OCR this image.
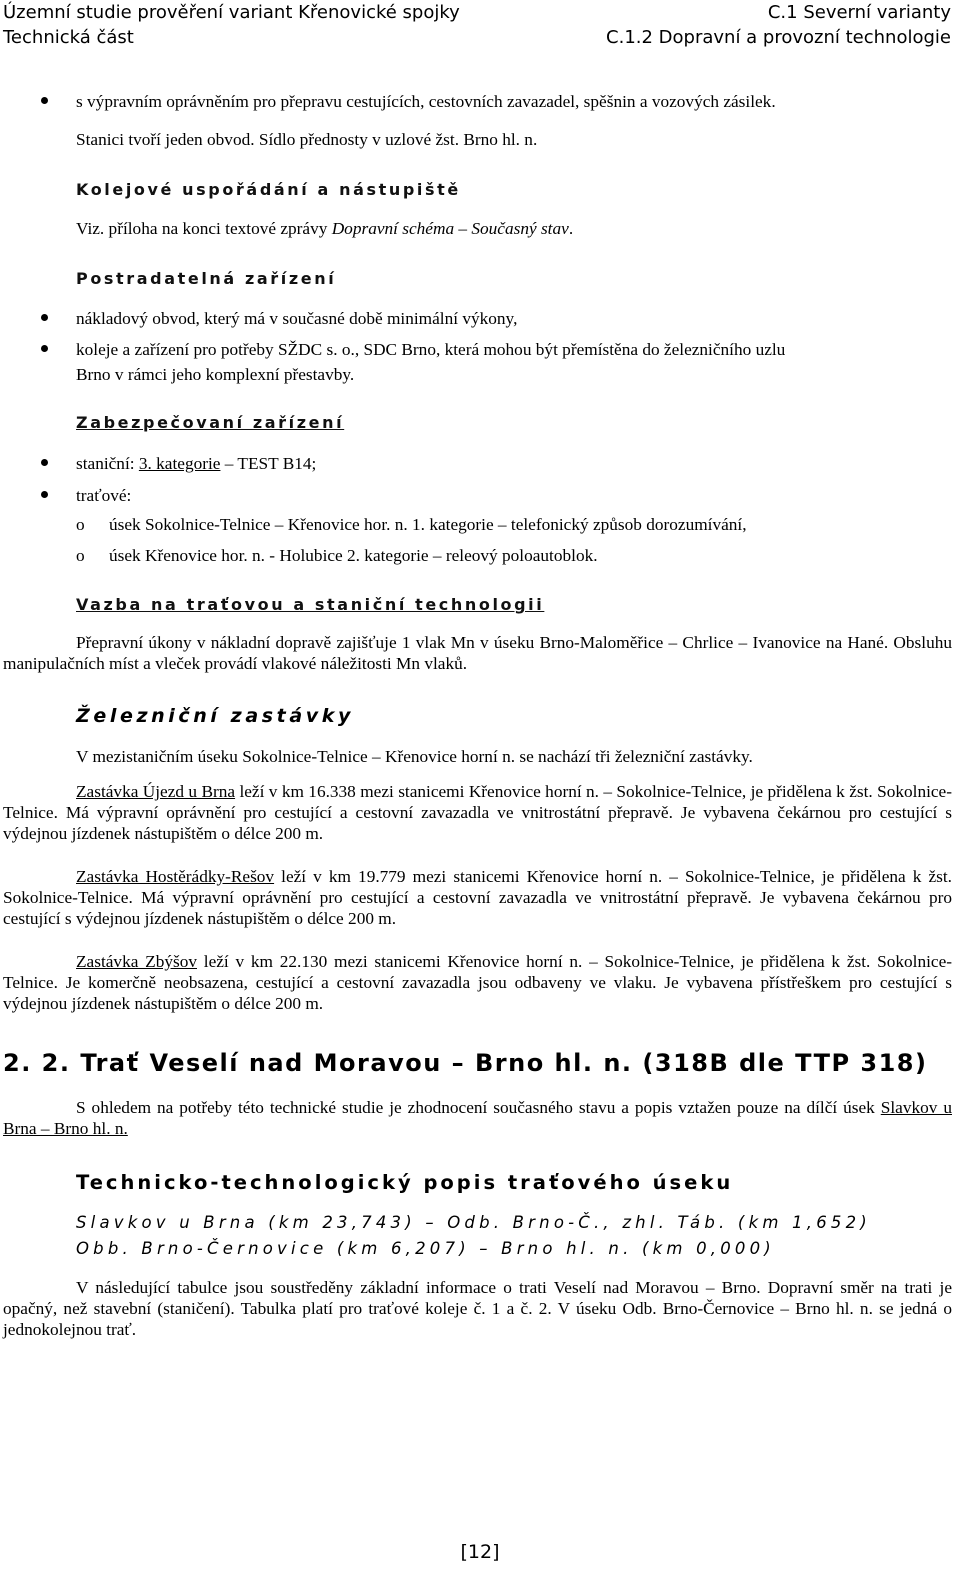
Územní studie prověření variant Křenovické spojky
Technická část
C.1 Severní varianty
C.1.2 Dopravní a provozní technologie
s výpravním oprávněním pro přepravu cestujících, cestovních zavazadel, spěšnin a vozových zásilek.
Stanici tvoří jeden obvod. Sídlo přednosty v uzlové žst. Brno hl. n.
Kolejové uspořádání a nástupiště
Viz. příloha na konci textové zprávy Dopravní schéma – Současný stav.
Postradatelná zařízení
nákladový obvod, který má v současné době minimální výkony,
koleje a zařízení pro potřeby SŽDC s. o., SDC Brno, která mohou být přemístěna do železničního uzlu
Brno v rámci jeho komplexní přestavby.
Zabezpečovaní zařízení
staniční: 3. kategorie – TEST B14;
traťové:
o úsek Sokolnice-Telnice – Křenovice hor. n. 1. kategorie – telefonický způsob dorozumívání,
o úsek Křenovice hor. n. - Holubice 2. kategorie – releový poloautoblok.
Vazba na traťovou a staniční technologii
Přepravní úkony v nákladní dopravě zajišťuje 1 vlak Mn v úseku Brno-Maloměřice – Chrlice – Ivanovice na Hané. Obsluhu manipulačních míst a vleček provádí vlakové náležitosti Mn vlaků.
Železniční zastávky
V mezistaničním úseku Sokolnice-Telnice – Křenovice horní n. se nachází tři železniční zastávky.
Zastávka Újezd u Brna leží v km 16.338 mezi stanicemi Křenovice horní n. – Sokolnice-Telnice, je přidělena k žst. Sokolnice-Telnice. Má výpravní oprávnění pro cestující a cestovní zavazadla ve vnitrostátní přepravě. Je vybavena čekárnou pro cestující s výdejnou jízdenek nástupištěm o délce 200 m.
Zastávka Hostěrádky-Rešov leží v km 19.779 mezi stanicemi Křenovice horní n. – Sokolnice-Telnice, je přidělena k žst. Sokolnice-Telnice. Má výpravní oprávnění pro cestující a cestovní zavazadla ve vnitrostátní přepravě. Je vybavena čekárnou pro cestující s výdejnou jízdenek nástupištěm o délce 200 m.
Zastávka Zbýšov leží v km 22.130 mezi stanicemi Křenovice horní n. – Sokolnice-Telnice, je přidělena k žst. Sokolnice-Telnice. Je komerčně neobsazena, cestující a cestovní zavazadla jsou odbaveny ve vlaku. Je vybavena přístřeškem pro cestující s výdejnou jízdenek nástupištěm o délce 200 m.
2. 2. Trať Veselí nad Moravou – Brno hl. n. (318B dle TTP 318)
S ohledem na potřeby této technické studie je zhodnocení současného stavu a popis vztažen pouze na dílčí úsek Slavkov u Brna – Brno hl. n.
Technicko-technologický popis traťového úseku
Slavkov u Brna (km 23,743) – Odb. Brno-Č., zhl. Táb. (km 1,652)
Obb. Brno-Černovice (km 6,207) – Brno hl. n. (km 0,000)
V následující tabulce jsou soustředěny základní informace o trati Veselí nad Moravou – Brno. Dopravní směr na trati je opačný, než stavební (staničení). Tabulka platí pro traťové koleje č. 1 a č. 2. V úseku Odb. Brno-Černovice – Brno hl. n. se jedná o jednokolejnou trať.
[12]
